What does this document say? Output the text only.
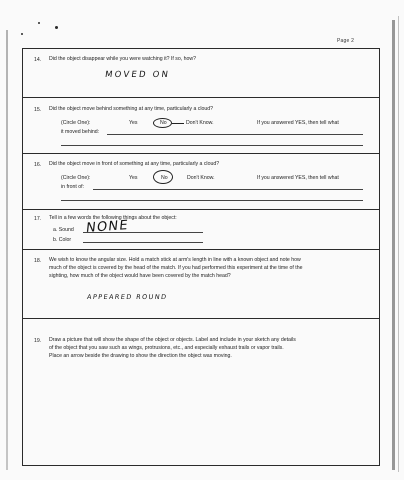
Page 2
14. Did the object disappear while you were watching it? If so, how?
MOVED ON
15. Did the object move behind something at any time, particularly a cloud?
(Circle One):	Yes	No	Don't Know.	If you answered YES, then tell what
it moved behind:
16. Did the object move in front of something at any time, particularly a cloud?
(Circle One):	Yes	No	Don't Know.	If you answered YES, then tell what
in front of:
17. Tell in a few words the following things about the object:
a. Sound
b. Color
NONE
18. We wish to know the angular size. Hold a match stick at arm's length in line with a known object and note how
much of the object is covered by the head of the match. If you had performed this experiment at the time of the
sighting, how much of the object would have been covered by the match head?
APPEARED ROUND
19. Draw a picture that will show the shape of the object or objects. Label and include in your sketch any details
of the object that you saw such as wings, protrusions, etc., and especially exhaust trails or vapor trails.
Place an arrow beside the drawing to show the direction the object was moving.
